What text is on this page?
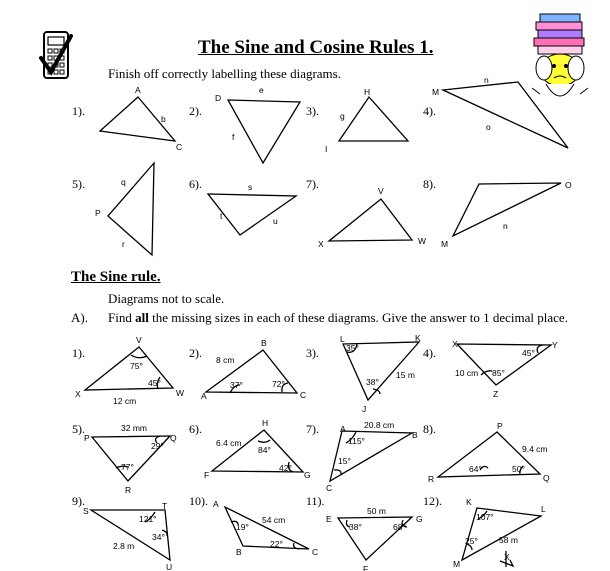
The Sine and Cosine Rules 1.
Finish off correctly labelling these diagrams.
The Sine rule.
Diagrams not to scale.
A). Find all the missing sizes in each of these diagrams. Give the answer to 1 decimal place.
1).	2).	3).	4).
5).	6).	7).	8).
1).	2).	3).	4).
5).	6).	7).	8).
9).	10).	11).	12).
A
b
C
D
e
f
H
g
I
M
n
o
q
P
r
s
t	u
V
X	W
O
n
M
V
75°
45°
X	W
12 cm
B
8 cm
37°	72°
A	C
L	K
35°
38°
15 m
J
X	Y
45°
10 cm 85°
Z
32 mm
P
29°
Q
77°
R
H
6.4 cm
84°
42°
F	G
A 20.8 cm
B
115°
15°
C
P
9.4 cm
64°	50°
R	Q
S	T
121°
34°
2.8 m
U
A
19°
54 cm
22°
B	C
50 m
E
38°	68°
G
F
K
L
107°
25° 58 m
M
X
